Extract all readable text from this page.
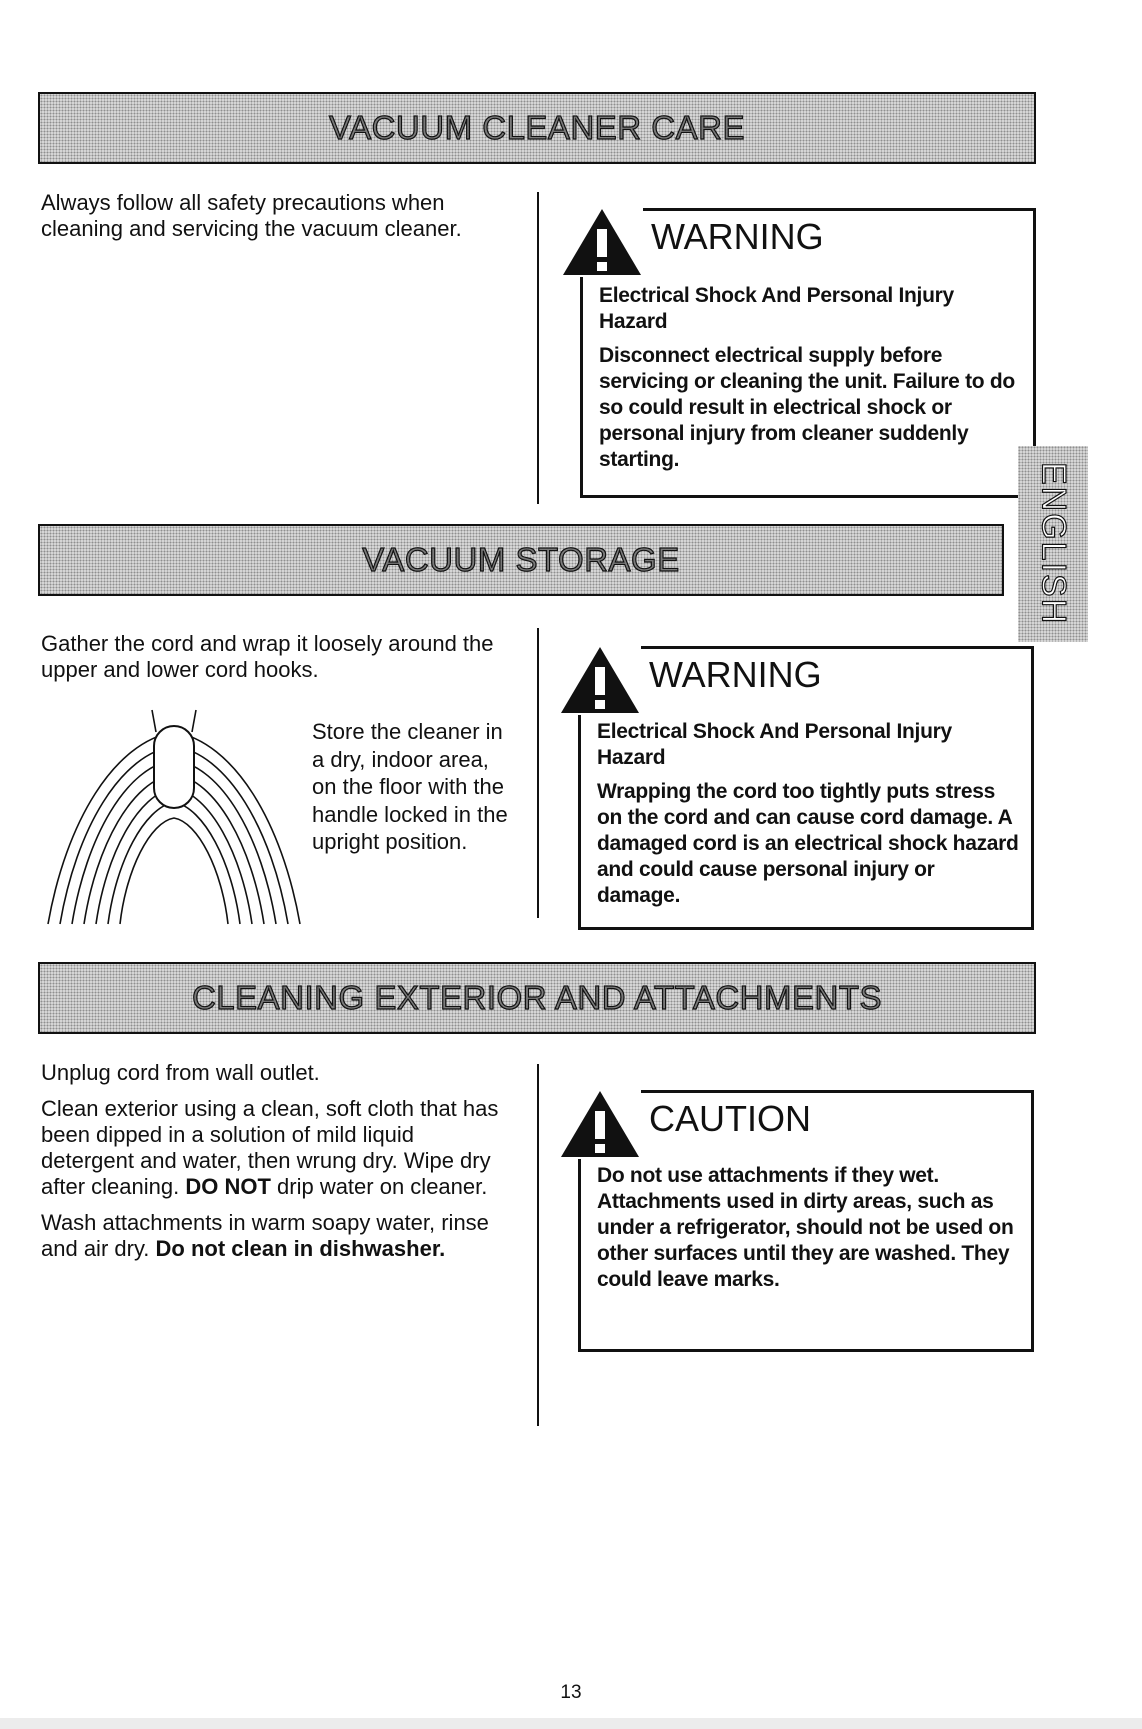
VACUUM CLEANER CARE

Always follow all safety precautions when cleaning and servicing the vacuum cleaner.	WARNING

Electrical Shock And Personal Injury Hazard

Disconnect electrical supply before servicing or cleaning the unit. Failure to do so could result in electrical shock or personal injury from cleaner suddenly starting.

ENGLISH
VACUUM STORAGE

Gather the cord and wrap it loosely around the upper and lower cord hooks.

Store the cleaner in a dry, indoor area, on the floor with the handle locked in the upright position.

WARNING

Electrical Shock And Personal Injury Hazard

Wrapping the cord too tightly puts stress on the cord and can cause cord damage. A damaged cord is an electrical shock hazard and could cause personal injury or damage.

CLEANING EXTERIOR AND ATTACHMENTS

Unplug cord from wall outlet.

Clean exterior using a clean, soft cloth that has been dipped in a solution of mild liquid detergent and water, then wrung dry. Wipe dry after cleaning. DO NOT drip water on cleaner.

Wash attachments in warm soapy water, rinse and air dry. Do not clean in dishwasher.

CAUTION

Do not use attachments if they wet. Attachments used in dirty areas, such as under a refrigerator, should not be used on other surfaces until they are washed. They could leave marks.

13
